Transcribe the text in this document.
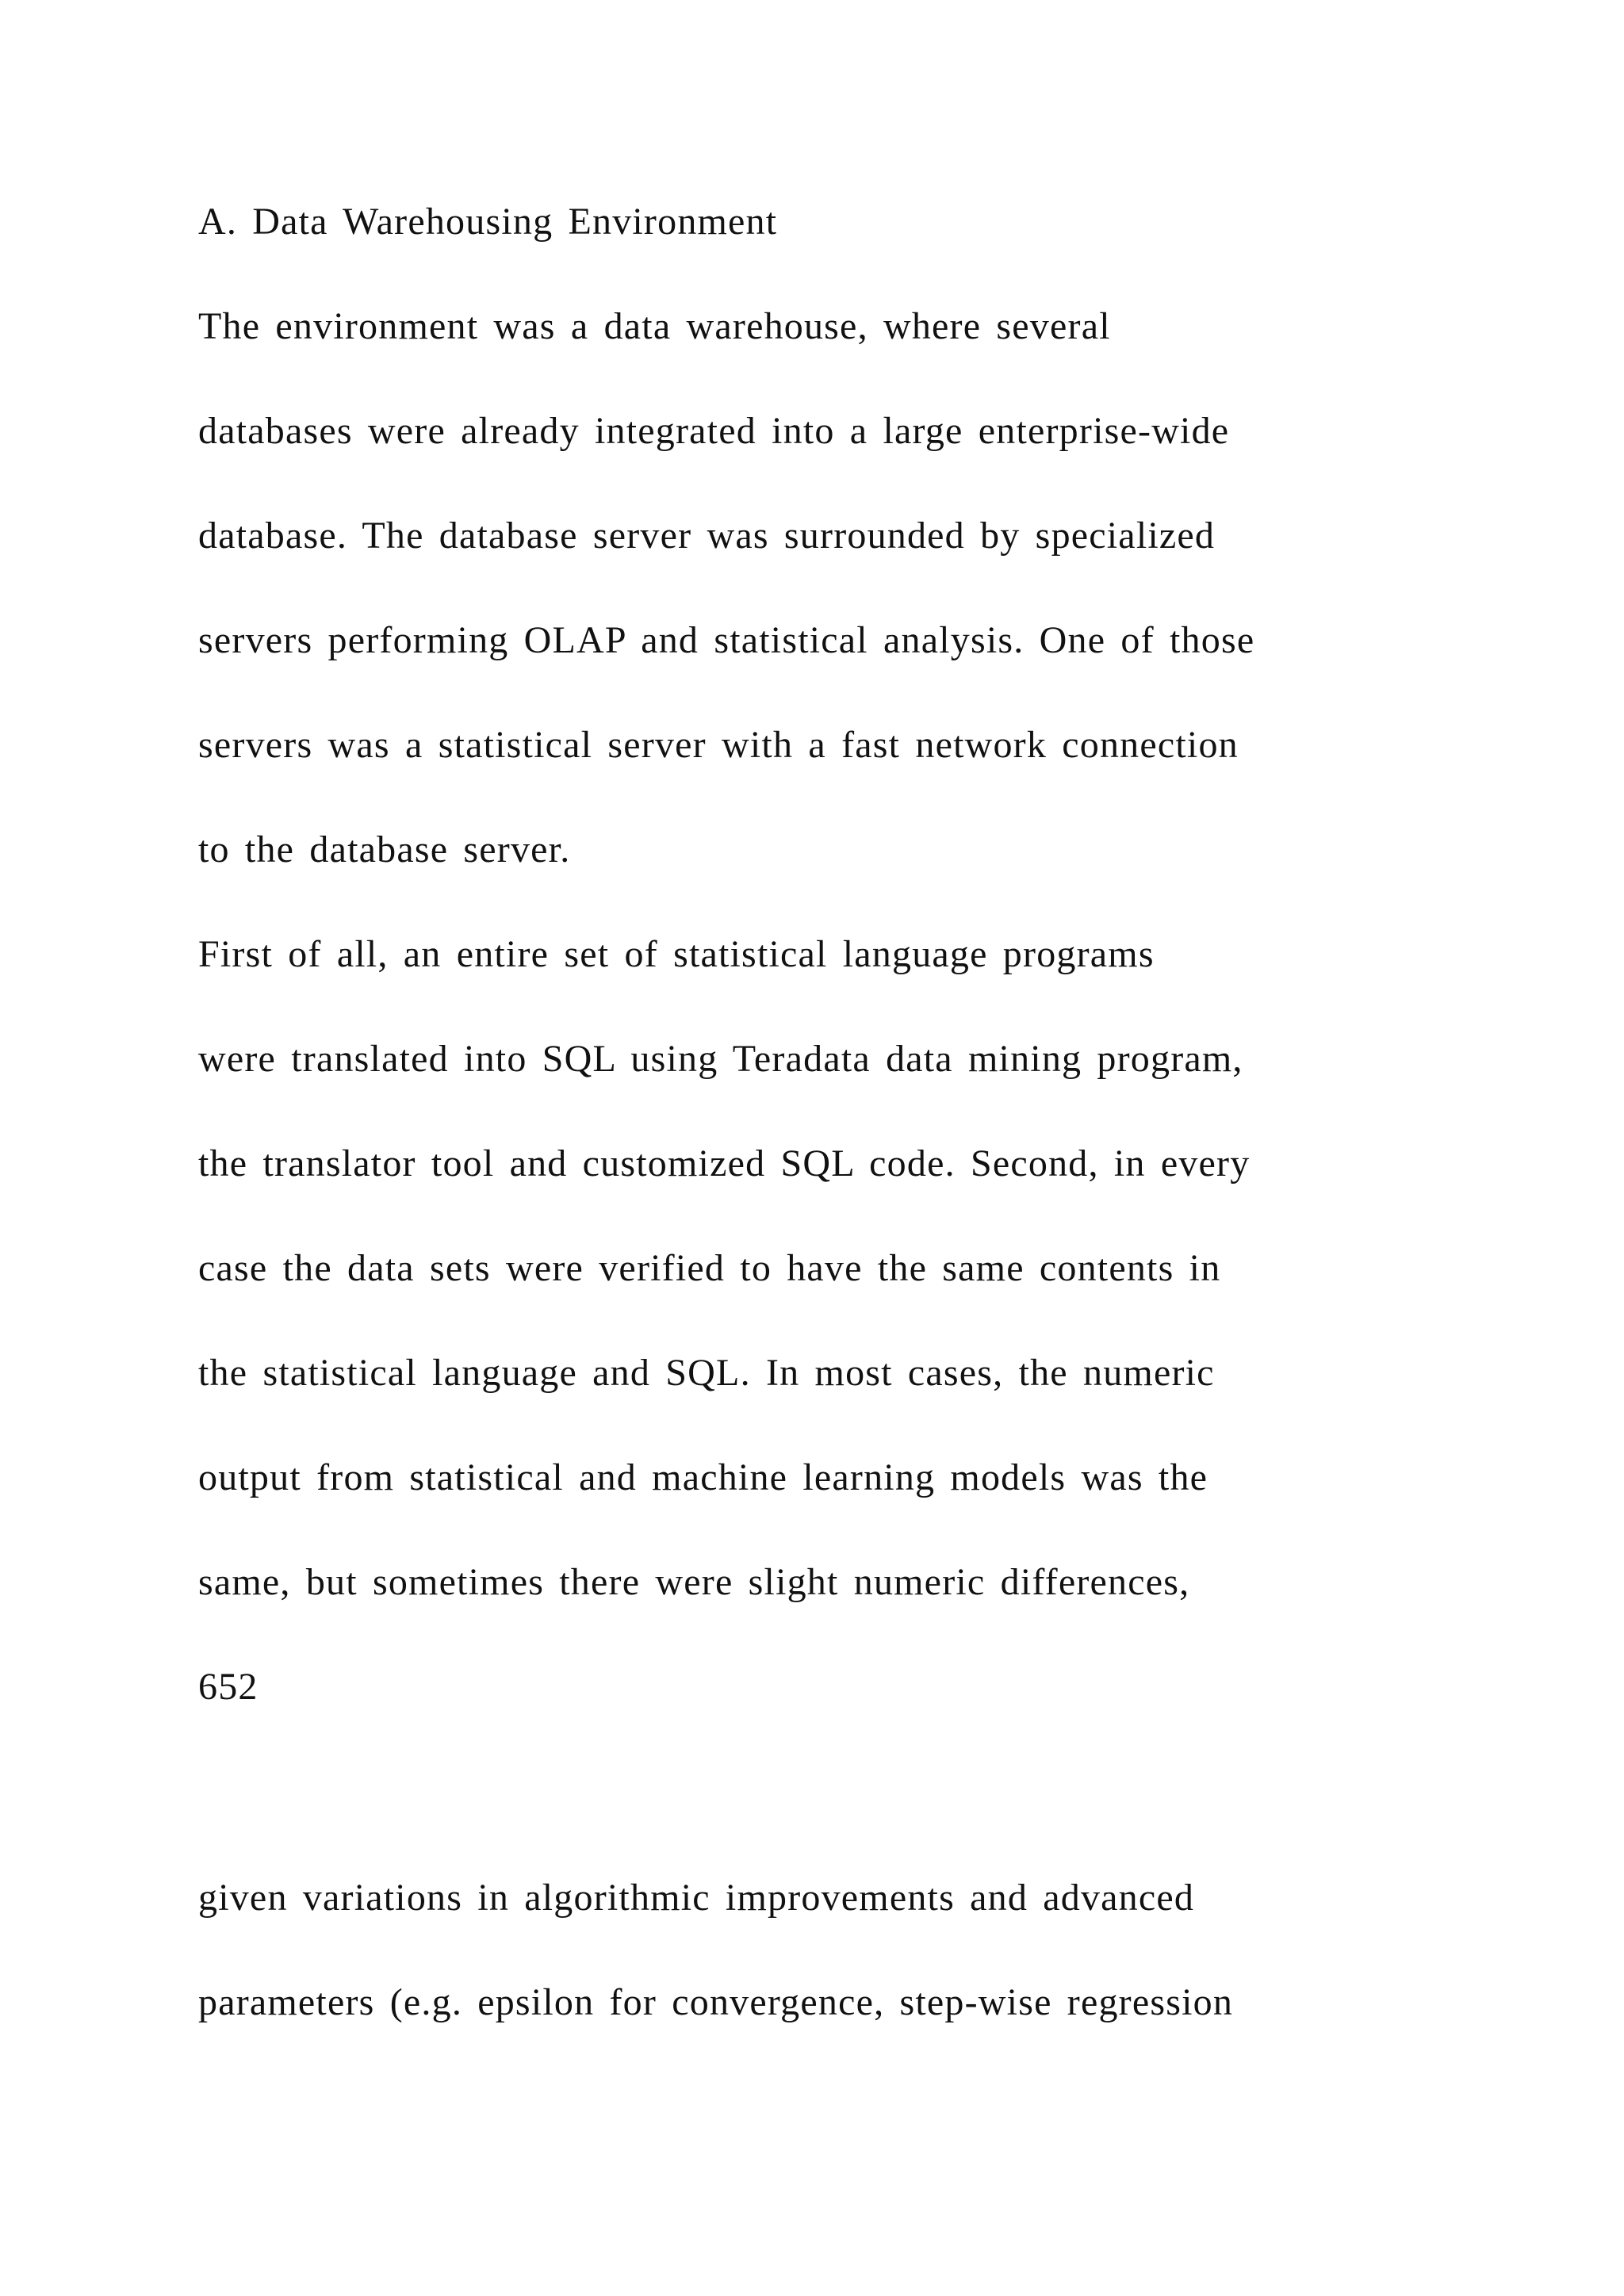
A. Data Warehousing Environment

The environment was a data warehouse, where several

databases were already integrated into a large enterprise-wide

database. The database server was surrounded by specialized

servers performing OLAP and statistical analysis. One of those

servers was a statistical server with a fast network connection

to the database server.

First of all, an entire set of statistical language programs

were translated into SQL using Teradata data mining program,

the translator tool and customized SQL code. Second, in every

case the data sets were verified to have the same contents in

the statistical language and SQL. In most cases, the numeric

output from statistical and machine learning models was the

same, but sometimes there were slight numeric differences,

652

given variations in algorithmic improvements and advanced

parameters (e.g. epsilon for convergence, step-wise regression
